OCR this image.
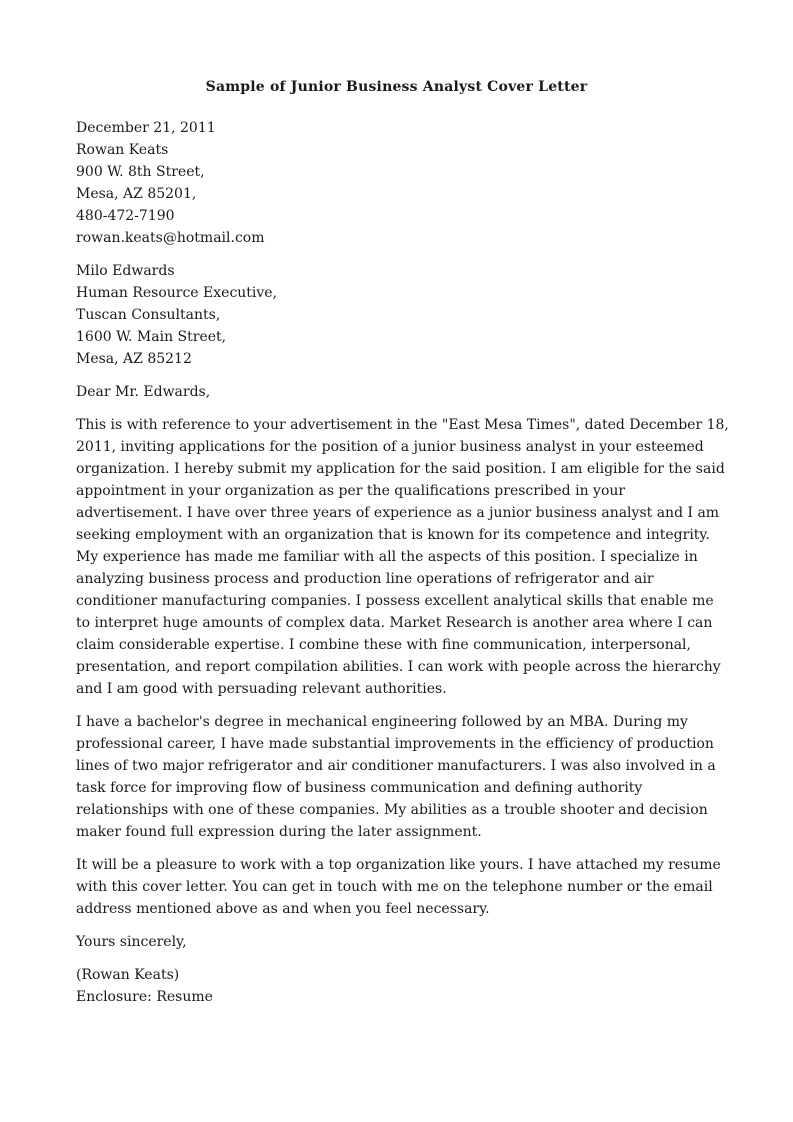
Sample of Junior Business Analyst Cover Letter
December 21, 2011
Rowan Keats
900 W. 8th Street,
Mesa, AZ 85201,
480-472-7190
rowan.keats@hotmail.com
Milo Edwards
Human Resource Executive,
Tuscan Consultants,
1600 W. Main Street,
Mesa, AZ 85212
Dear Mr. Edwards,
This is with reference to your advertisement in the "East Mesa Times", dated December 18,
2011, inviting applications for the position of a junior business analyst in your esteemed
organization. I hereby submit my application for the said position. I am eligible for the said
appointment in your organization as per the qualifications prescribed in your
advertisement. I have over three years of experience as a junior business analyst and I am
seeking employment with an organization that is known for its competence and integrity.
My experience has made me familiar with all the aspects of this position. I specialize in
analyzing business process and production line operations of refrigerator and air
conditioner manufacturing companies. I possess excellent analytical skills that enable me
to interpret huge amounts of complex data. Market Research is another area where I can
claim considerable expertise. I combine these with fine communication, interpersonal,
presentation, and report compilation abilities. I can work with people across the hierarchy
and I am good with persuading relevant authorities.
I have a bachelor's degree in mechanical engineering followed by an MBA. During my
professional career, I have made substantial improvements in the efficiency of production
lines of two major refrigerator and air conditioner manufacturers. I was also involved in a
task force for improving flow of business communication and defining authority
relationships with one of these companies. My abilities as a trouble shooter and decision
maker found full expression during the later assignment.
It will be a pleasure to work with a top organization like yours. I have attached my resume
with this cover letter. You can get in touch with me on the telephone number or the email
address mentioned above as and when you feel necessary.
Yours sincerely,
(Rowan Keats)
Enclosure: Resume
